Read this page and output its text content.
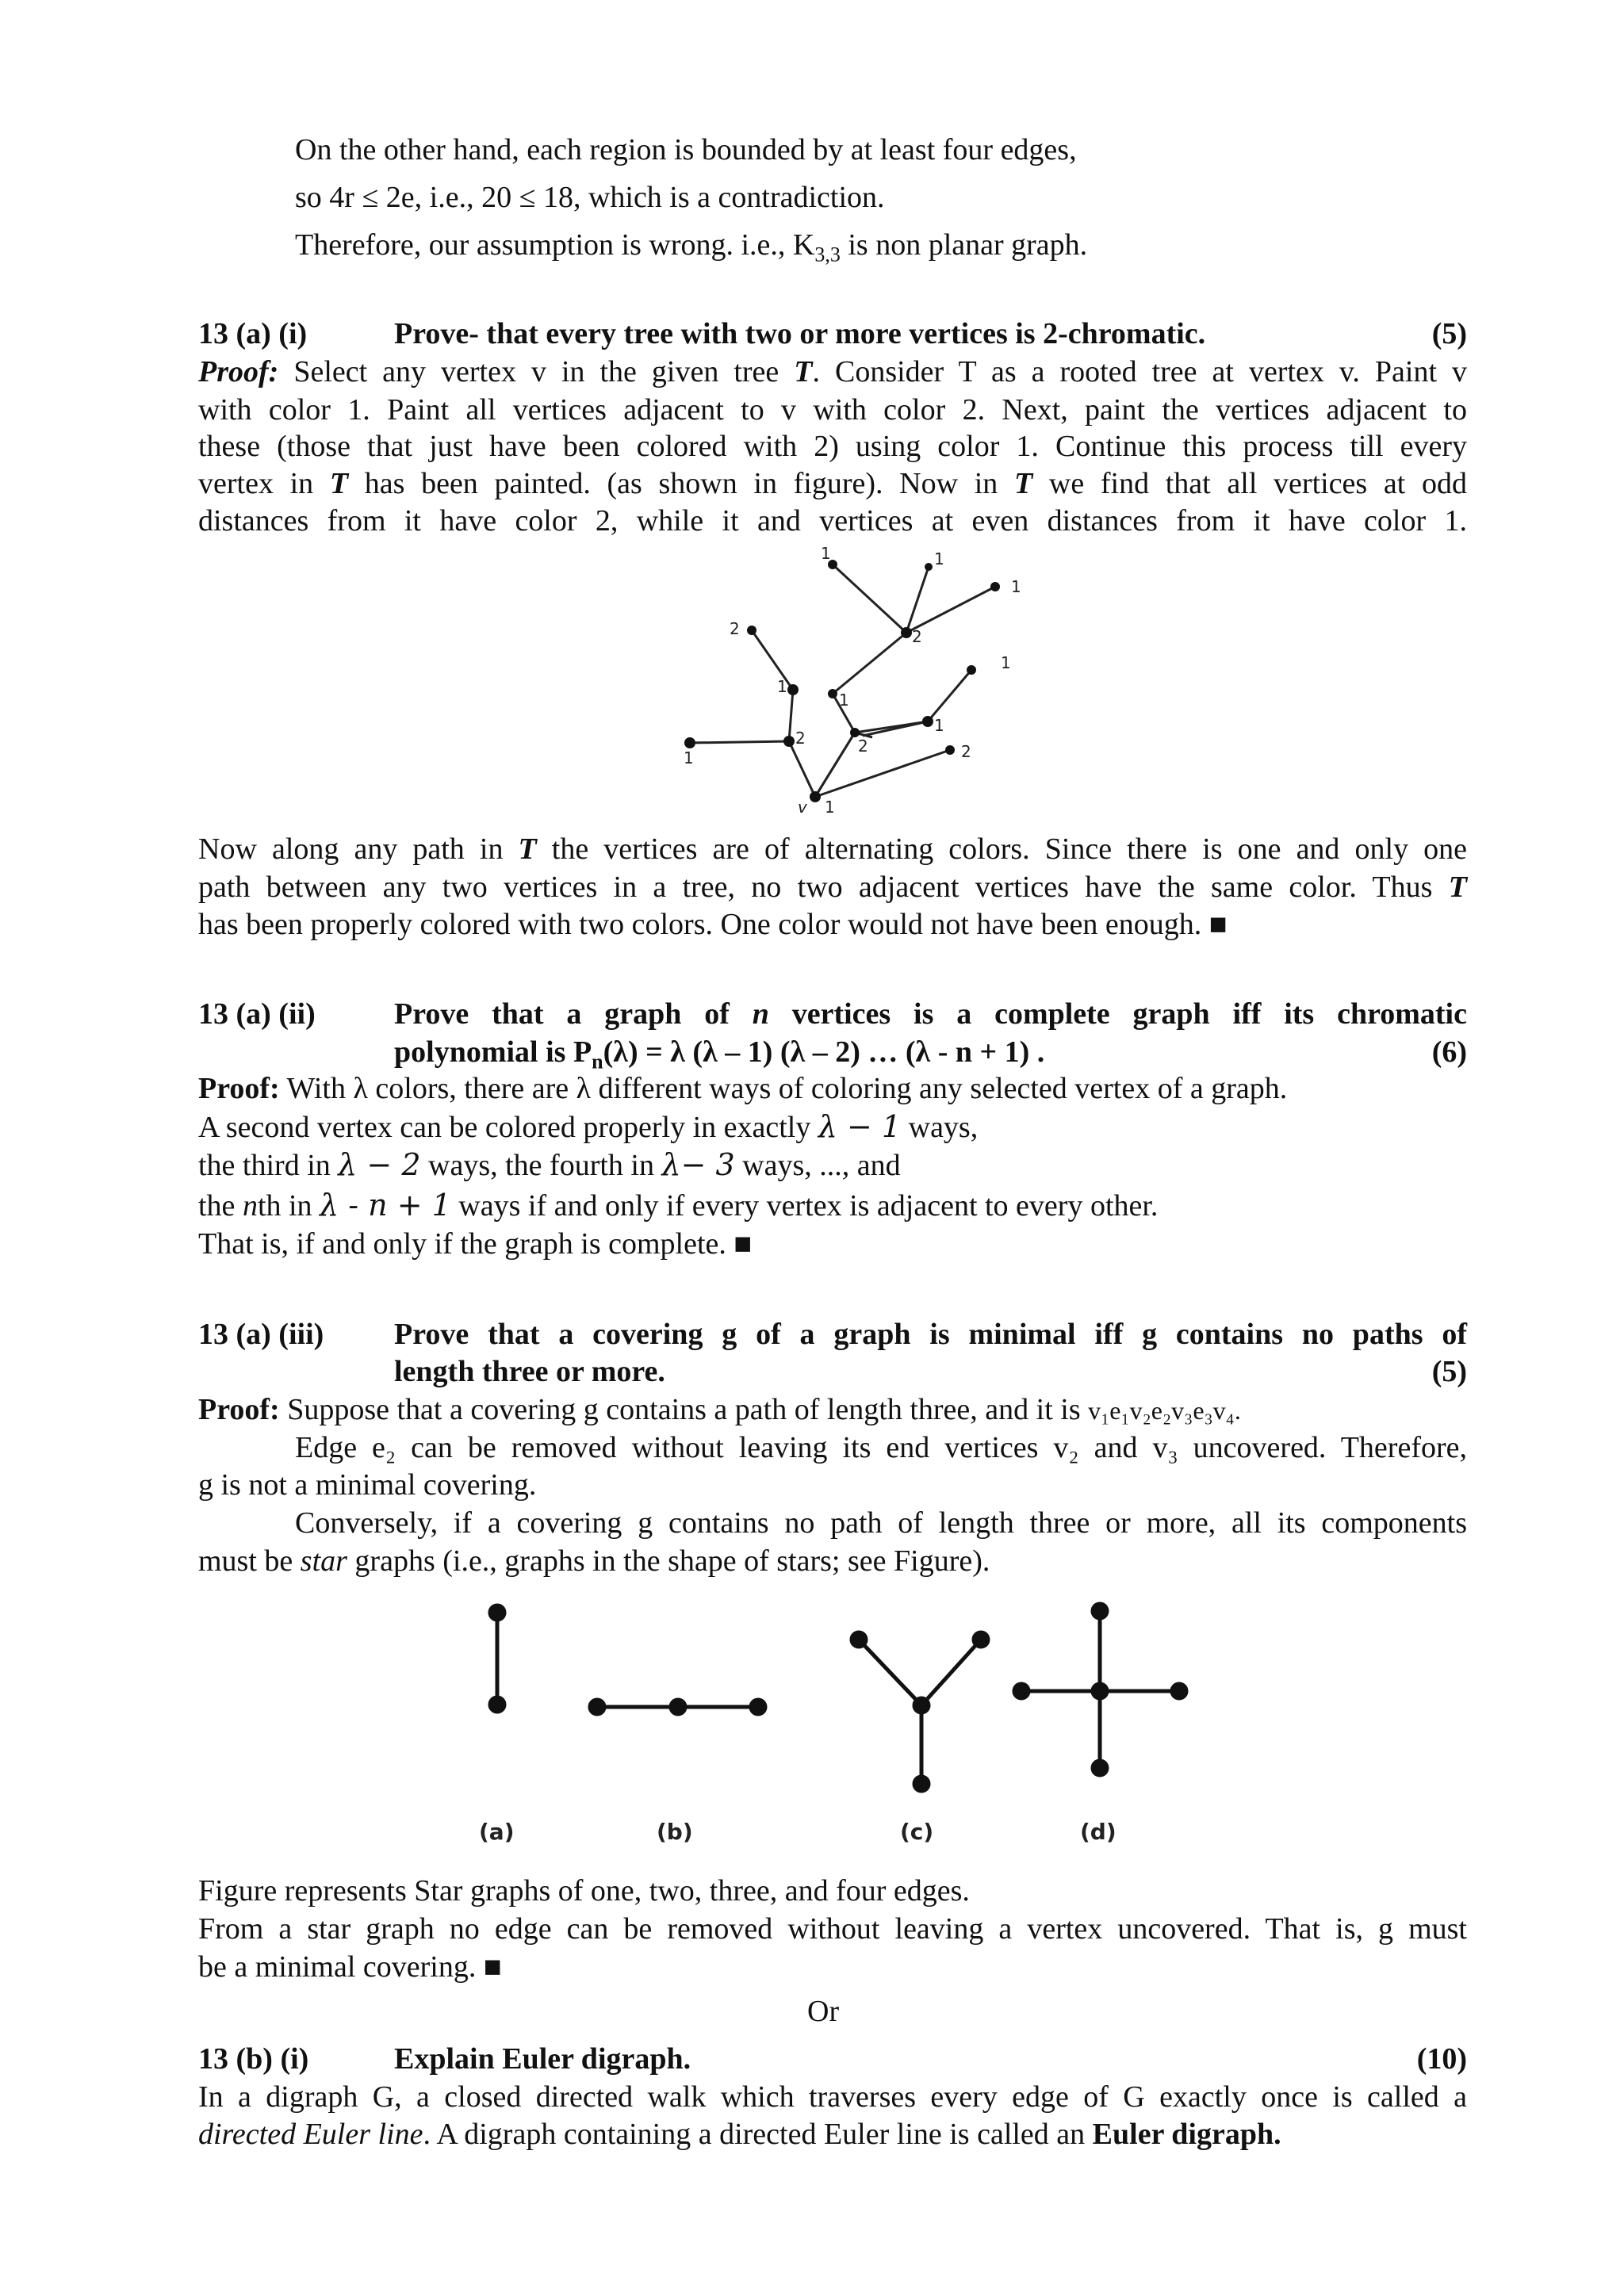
On the other hand, each region is bounded by at least four edges,
so 4r ≤ 2e, i.e., 20 ≤ 18, which is a contradiction.
Therefore, our assumption is wrong. i.e., $K_{3,3}$ is non planar graph.
13 (a) (i)	Prove- that every tree with two or more vertices is 2-chromatic.	(5)
Proof: Select any vertex v in the given tree T. Consider T as a rooted tree at vertex v. Paint v
with color 1. Paint all vertices adjacent to v with color 2. Next, paint the vertices adjacent to
these (those that just have been colored with 2) using color 1. Continue this process till every
vertex in T has been painted. (as shown in figure). Now in T we find that all vertices at odd
distances from it have color 2, while it and vertices at even distances from it have color 1.
1	1
1
2
1
2
1
1
2
1
1
2	2
v 1
Now along any path in T the vertices are of alternating colors. Since there is one and only one
path between any two vertices in a tree, no two adjacent vertices have the same color. Thus T
has been properly colored with two colors. One color would not have been enough. ■
13 (a) (ii)	Prove that a graph of n vertices is a complete graph iff its chromatic
polynomial is $P_n(\lambda) = \lambda$ (λ – 1) (λ – 2) … (λ - n + 1) .	(6)
Proof: With λ colors, there are λ different ways of coloring any selected vertex of a graph.
A second vertex can be colored properly in exactly λ − 1 ways,
the third in λ − 2 ways, the fourth in λ− 3 ways, ..., and
the nth in λ - n + 1 ways if and only if every vertex is adjacent to every other.
That is, if and only if the graph is complete. ■
13 (a) (iii) Prove that a covering g of a graph is minimal iff g contains no paths of
length three or more.	(5)
Proof: Suppose that a covering g contains a path of length three, and it is v₁e₁v₂e₂v₃e₃v₄.
Edge e₂ can be removed without leaving its end vertices v₂ and v₃ uncovered. Therefore,
g is not a minimal covering.
Conversely, if a covering g contains no path of length three or more, all its components
must be star graphs (i.e., graphs in the shape of stars; see Figure).
(a)	(b)	(c)	(d)
Figure represents Star graphs of one, two, three, and four edges.
From a star graph no edge can be removed without leaving a vertex uncovered. That is, g must
be a minimal covering. ■
Or
13 (b) (i)	Explain Euler digraph.	(10)
In a digraph G, a closed directed walk which traverses every edge of G exactly once is called a
directed Euler line. A digraph containing a directed Euler line is called an Euler digraph.
